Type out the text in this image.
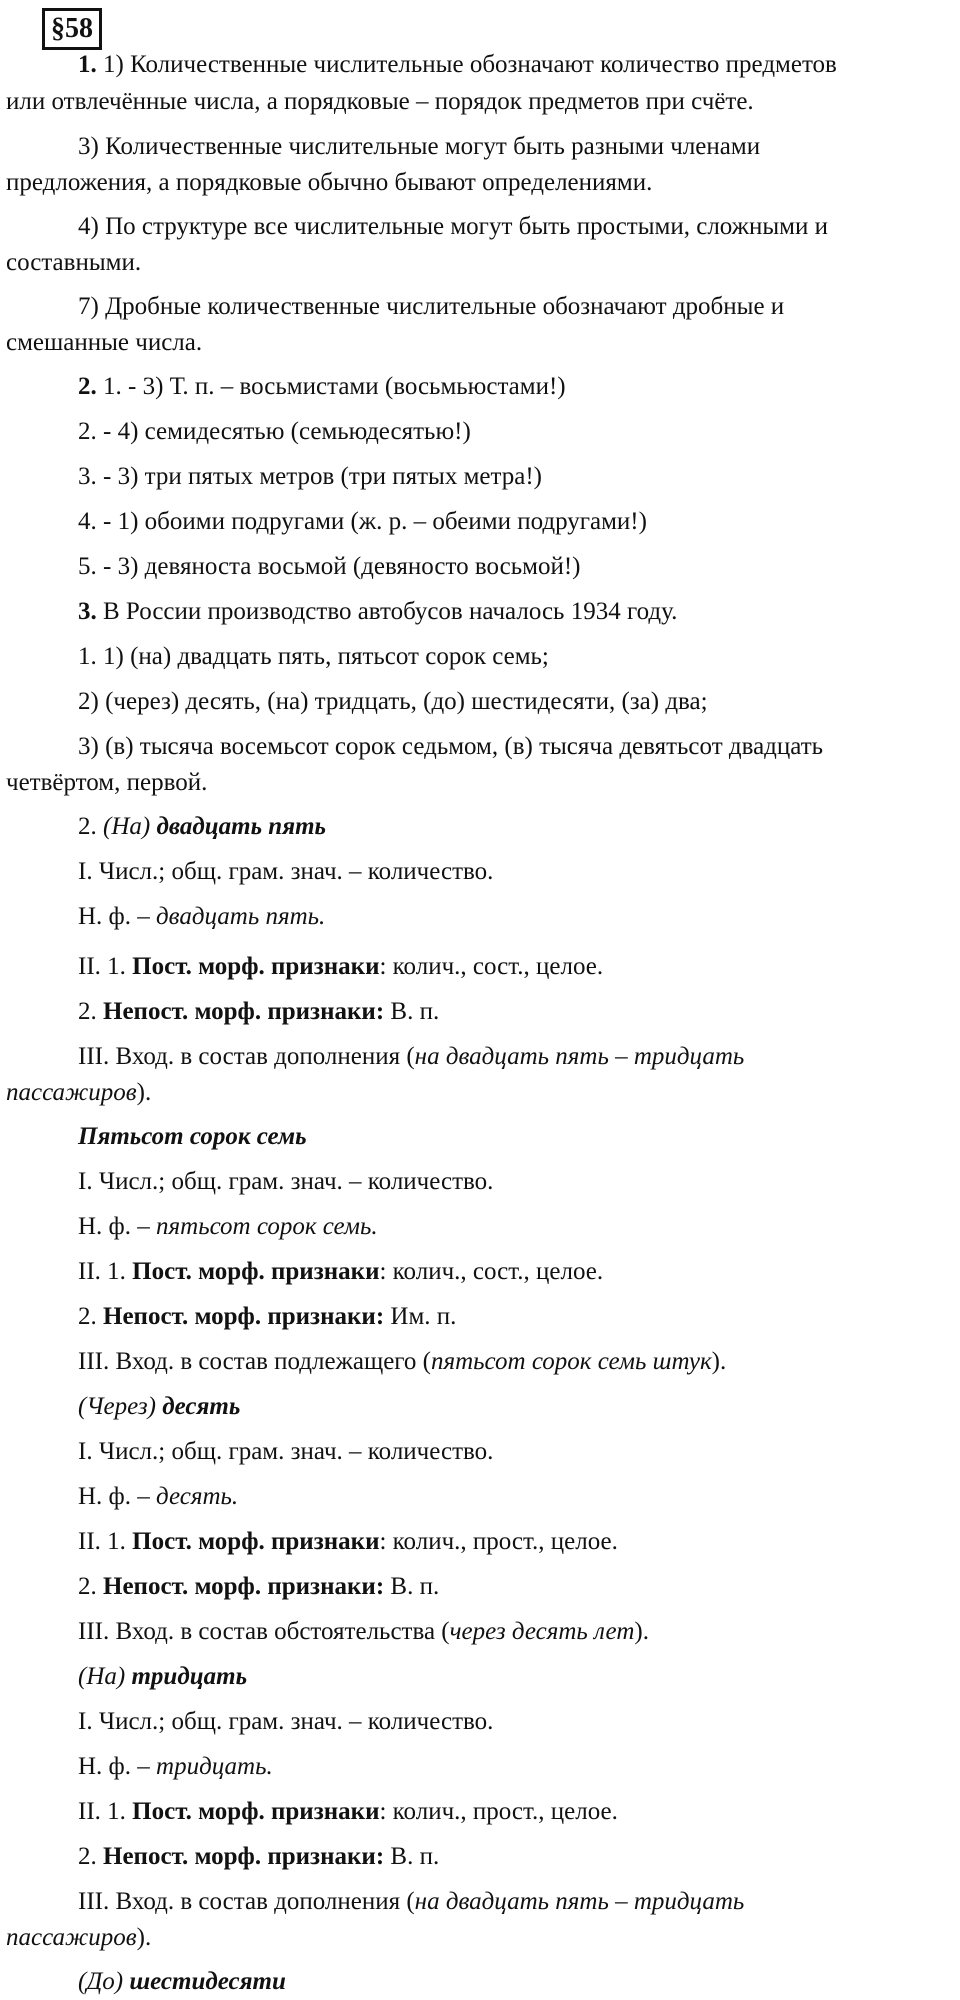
§58
1. 1) Количественные числительные обозначают количество предметов
или отвлечённые числа, а порядковые – порядок предметов при счёте.
3) Количественные числительные могут быть разными членами
предложения, а порядковые обычно бывают определениями.
4) По структуре все числительные могут быть простыми, сложными и
составными.
7) Дробные количественные числительные обозначают дробные и
смешанные числа.
2. 1. - 3) Т. п. – восьмистами (восьмьюстами!)
2. - 4) семидесятью (семьюдесятью!)
3. - 3) три пятых метров (три пятых метра!)
4. - 1) обоими подругами (ж. р. – обеими подругами!)
5. - 3) девяноста восьмой (девяносто восьмой!)
3. В России производство автобусов началось 1934 году.
1. 1) (на) двадцать пять, пятьсот сорок семь;
2) (через) десять, (на) тридцать, (до) шестидесяти, (за) два;
3) (в) тысяча восемьсот сорок седьмом, (в) тысяча девятьсот двадцать
четвёртом, первой.
2. (На) двадцать пять
I. Числ.; общ. грам. знач. – количество.
Н. ф. – двадцать пять.
II. 1. Пост. морф. признаки: колич., сост., целое.
2. Непост. морф. признаки: В. п.
III. Вход. в состав дополнения (на двадцать пять – тридцать
пассажиров).
Пятьсот сорок семь
I. Числ.; общ. грам. знач. – количество.
Н. ф. – пятьсот сорок семь.
II. 1. Пост. морф. признаки: колич., сост., целое.
2. Непост. морф. признаки: Им. п.
III. Вход. в состав подлежащего (пятьсот сорок семь штук).
(Через) десять
I. Числ.; общ. грам. знач. – количество.
Н. ф. – десять.
II. 1. Пост. морф. признаки: колич., прост., целое.
2. Непост. морф. признаки: В. п.
III. Вход. в состав обстоятельства (через десять лет).
(На) тридцать
I. Числ.; общ. грам. знач. – количество.
Н. ф. – тридцать.
II. 1. Пост. морф. признаки: колич., прост., целое.
2. Непост. морф. признаки: В. п.
III. Вход. в состав дополнения (на двадцать пять – тридцать
пассажиров).
(До) шестидесяти
